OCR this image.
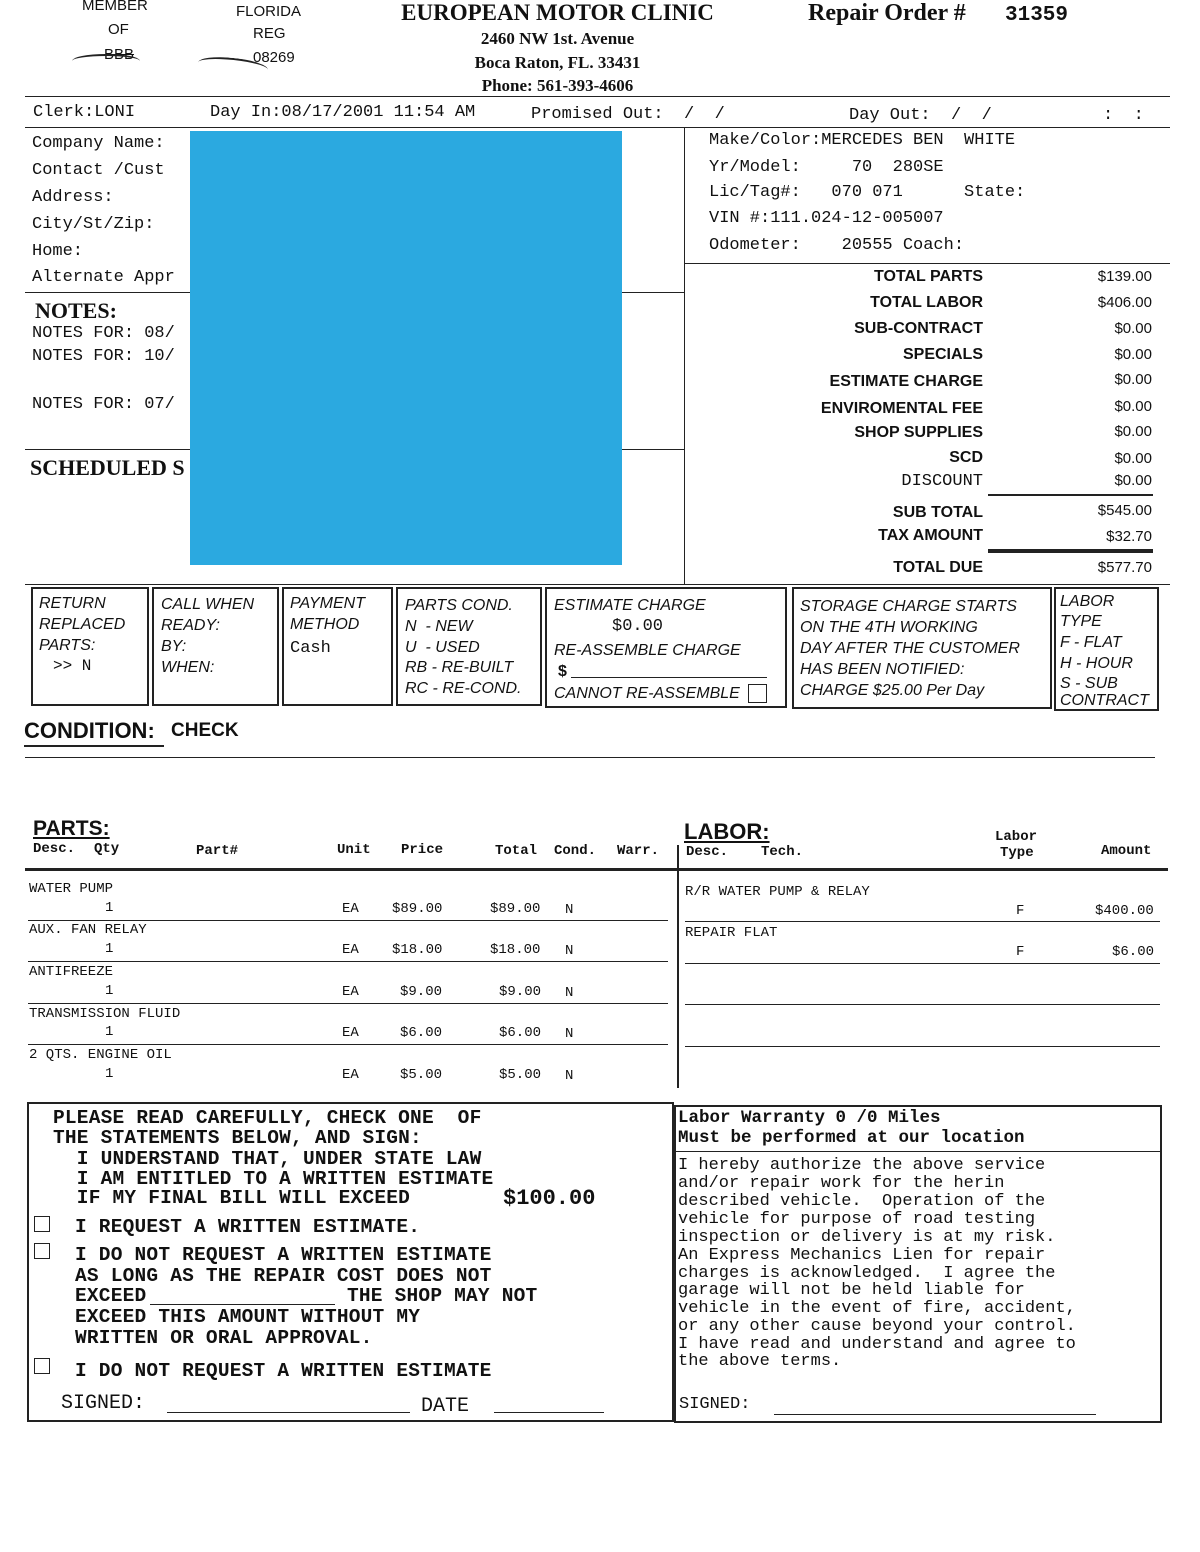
MEMBER
OF
BBB
FLORIDA
REG
08269
EUROPEAN MOTOR CLINIC
2460 NW 1st. Avenue
Boca Raton, FL. 33431
Phone: 561-393-4606
Repair Order # 31359
Clerk:LONI	Day In:08/17/2001 11:54 AM	Promised Out:  /  /	Day Out:  /  /	:  :
Company Name:
Contact /Cust
Address:
City/St/Zip:
Home:
Alternate Appr
NOTES:
NOTES FOR: 08/
NOTES FOR: 10/
NOTES FOR: 07/
SCHEDULED S
Make/Color:MERCEDES BEN  WHITE
Yr/Model:     70  280SE
Lic/Tag#:   070 071      State:
VIN #:111.024-12-005007
Odometer:    20555 Coach:
TOTAL PARTS	$139.00
TOTAL LABOR	$406.00
SUB-CONTRACT	$0.00
SPECIALS	$0.00
ESTIMATE CHARGE	$0.00
ENVIROMENTAL FEE	$0.00
SHOP SUPPLIES	$0.00
SCD	$0.00
DISCOUNT	$0.00
SUB TOTAL	$545.00
TAX AMOUNT	$32.70
TOTAL DUE	$577.70
RETURN
REPLACED
PARTS:
>> N
CALL WHEN
READY:
BY:
WHEN:
PAYMENT
METHOD
Cash
PARTS COND.
N  - NEW
U  - USED
RB - RE-BUILT
RC - RE-COND.
ESTIMATE CHARGE
$0.00
RE-ASSEMBLE CHARGE
$
CANNOT RE-ASSEMBLE
STORAGE CHARGE STARTS
ON THE 4TH WORKING
DAY AFTER THE CUSTOMER
HAS BEEN NOTIFIED:
CHARGE $25.00 Per Day
LABOR
TYPE
F - FLAT
H - HOUR
S - SUB
CONTRACT
CONDITION: CHECK
PARTS:
Desc. Qty	Part#	Unit Price	Total Cond. Warr.
WATER PUMP
1	EA $89.00	$89.00 N
AUX. FAN RELAY
1	EA $18.00	$18.00 N
ANTIFREEZE
1	EA	$9.00	$9.00 N
TRANSMISSION FLUID
1	EA	$6.00	$6.00 N
2 QTS. ENGINE OIL
1	EA	$5.00	$5.00 N
LABOR:
Desc. Tech.
Labor
Type	Amount
R/R WATER PUMP & RELAY
F	$400.00
REPAIR FLAT
F	$6.00
PLEASE READ CAREFULLY, CHECK ONE  OF
THE STATEMENTS BELOW, AND SIGN:
I UNDERSTAND THAT, UNDER STATE LAW
I AM ENTITLED TO A WRITTEN ESTIMATE
IF MY FINAL BILL WILL EXCEED	$100.00
I REQUEST A WRITTEN ESTIMATE.
I DO NOT REQUEST A WRITTEN ESTIMATE
AS LONG AS THE REPAIR COST DOES NOT
EXCEED	THE SHOP MAY NOT
EXCEED THIS AMOUNT WITHOUT MY
WRITTEN OR ORAL APPROVAL.
I DO NOT REQUEST A WRITTEN ESTIMATE
SIGNED:	DATE
Labor Warranty 0 /0 Miles
Must be performed at our location
I hereby authorize the above service
and/or repair work for the herin
described vehicle.  Operation of the
vehicle for purpose of road testing
inspection or delivery is at my risk.
An Express Mechanics Lien for repair
charges is acknowledged.  I agree the
garage will not be held liable for
vehicle in the event of fire, accident,
or any other cause beyond your control.
I have read and understand and agree to
the above terms.
SIGNED:
